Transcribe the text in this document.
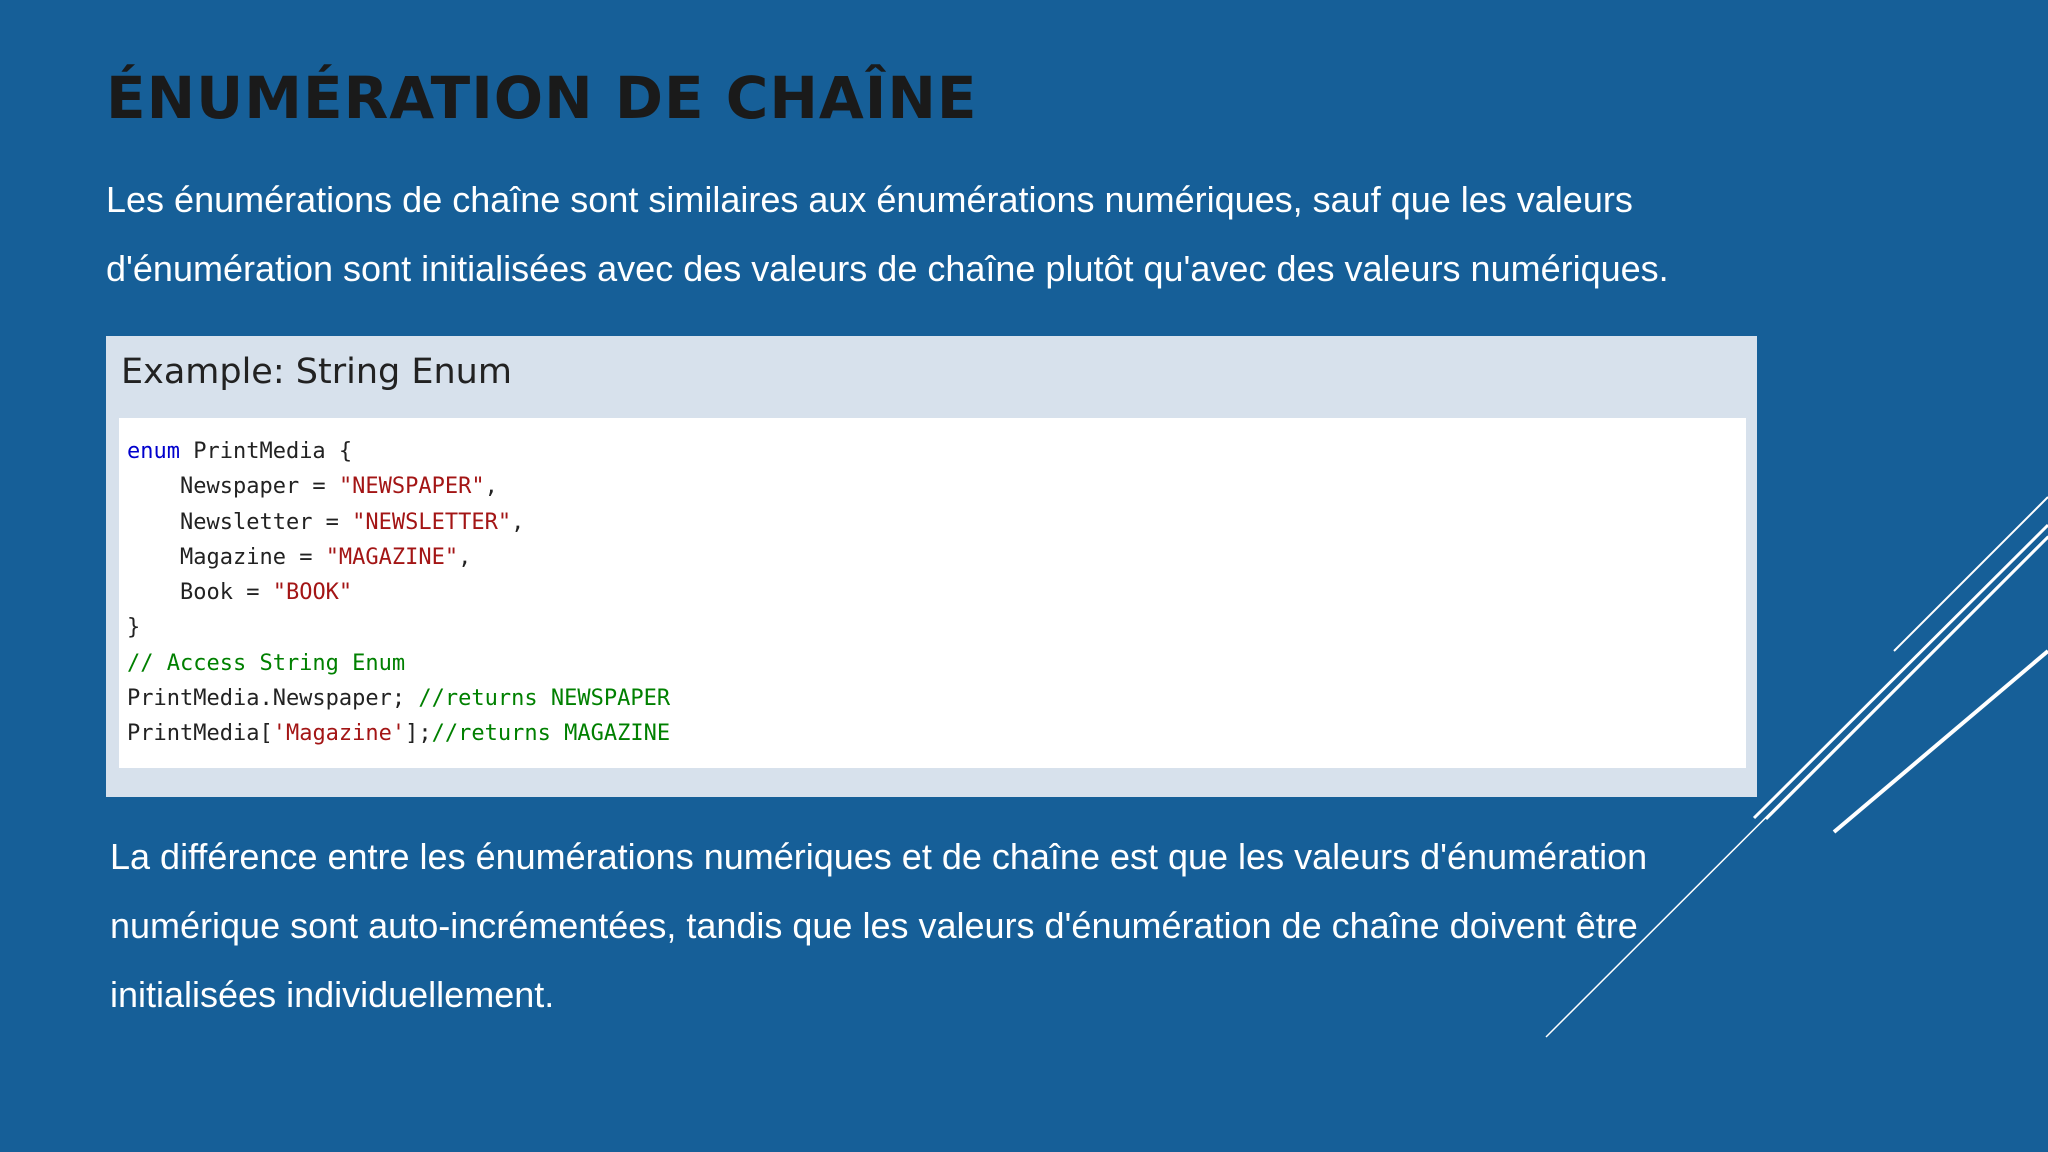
ÉNUMÉRATION DE CHAÎNE

Les énumérations de chaîne sont similaires aux énumérations numériques, sauf que les valeurs
d'énumération sont initialisées avec des valeurs de chaîne plutôt qu'avec des valeurs numériques.

Example: String Enum
enum PrintMedia {
Newspaper = "NEWSPAPER",
Newsletter = "NEWSLETTER",
Magazine = "MAGAZINE",
Book = "BOOK"
}
// Access String Enum
PrintMedia.Newspaper; //returns NEWSPAPER
PrintMedia['Magazine'];//returns MAGAZINE

La différence entre les énumérations numériques et de chaîne est que les valeurs d'énumération
numérique sont auto-incrémentées, tandis que les valeurs d'énumération de chaîne doivent être
initialisées individuellement.
